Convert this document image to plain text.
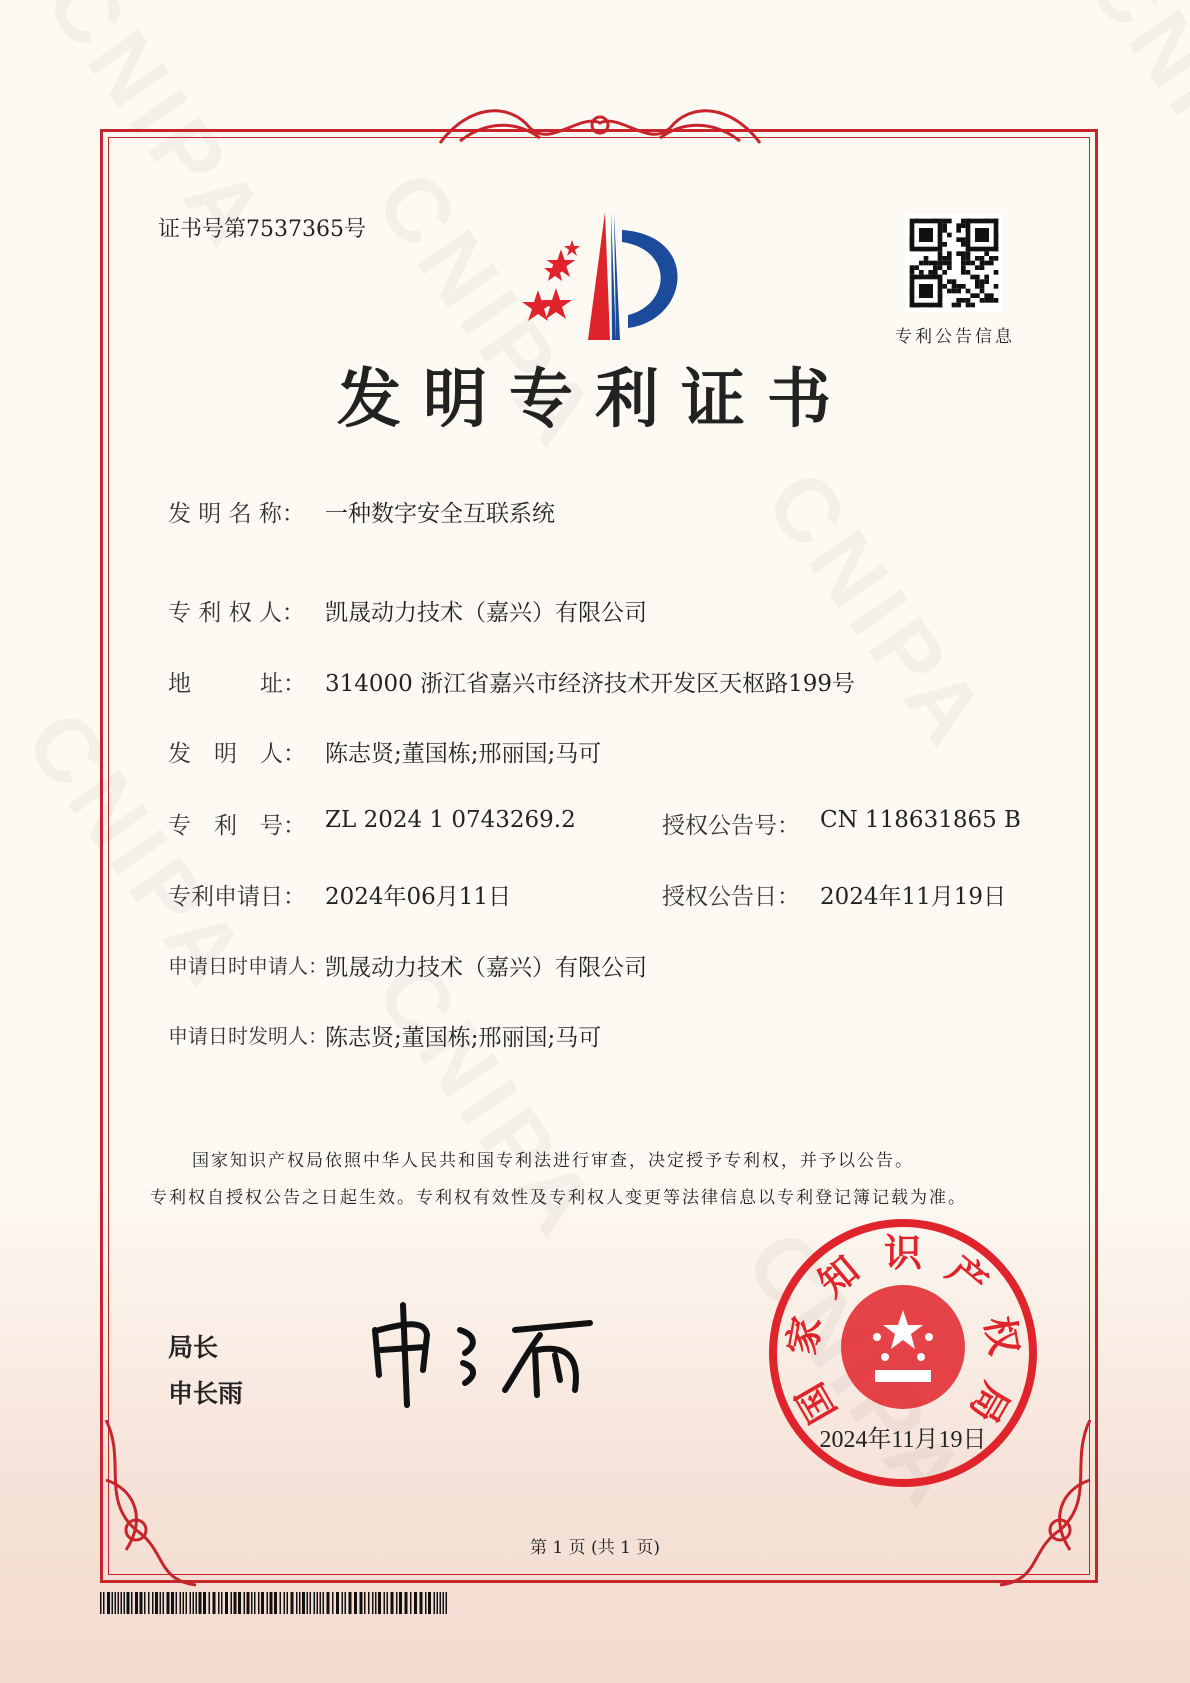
证书号第7537365号
专利公告信息
发明专利证书
发 明 名 称： 一种数字安全互联系统
专 利 权 人： 凯晟动力技术（嘉兴）有限公司
地　　　址： 314000 浙江省嘉兴市经济技术开发区天枢路199号
发　明　人： 陈志贤;董国栋;邢丽国;马可
专　利　号： ZL 2024 1 0743269.2	授权公告号： CN 118631865 B
专利申请日： 2024年06月11日	授权公告日： 2024年11月19日
申请日时申请人：
凯晟动力技术（嘉兴）有限公司
申请日时发明人：
陈志贤;董国栋;邢丽国;马可
国家知识产权局依照中华人民共和国专利法进行审查，决定授予专利权，并予以公告。
专利权自授权公告之日起生效。专利权有效性及专利权人变更等法律信息以专利登记簿记载为准。
局长
申长雨	国
家
知 识 产
权
局
2024年11月19日
第 1 页 (共 1 页)
